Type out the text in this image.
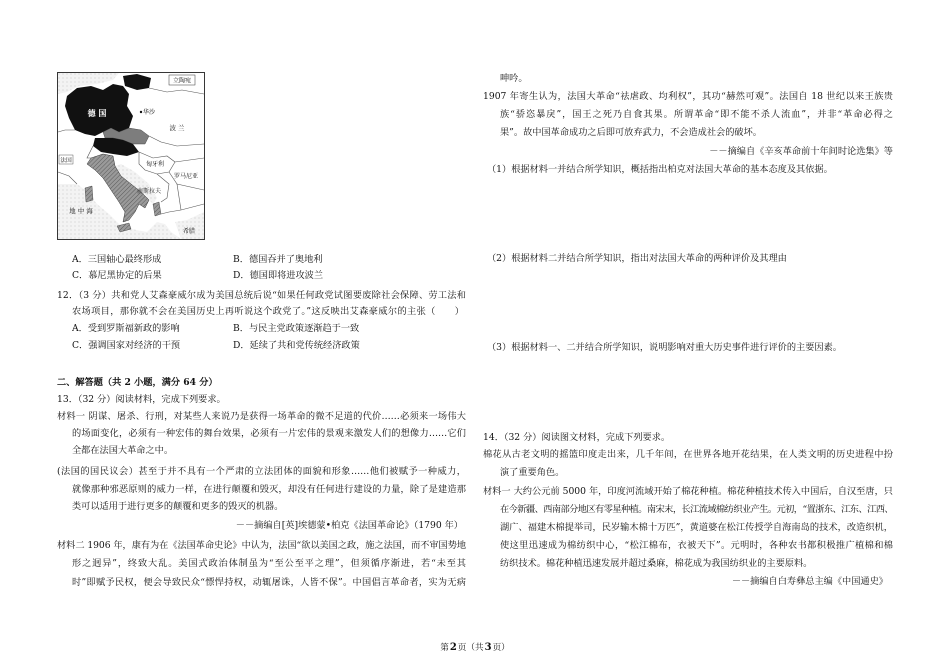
立陶宛
德 国	华沙
波 兰
法国	匈牙利
罗马尼亚
南斯拉夫
地 中 海
希腊
A．三国轴心最终形成	B．德国吞并了奥地利
C．慕尼黑协定的后果	D．德国即将进攻波兰
12．（3 分）共和党人艾森豪威尔成为美国总统后说“如果任何政党试图要废除社会保障、劳工法和
农场项目，那你就不会在美国历史上再听说这个政党了。”这反映出艾森豪威尔的主张（　　）
A．受到罗斯福新政的影响	B．与民主党政策逐渐趋于一致
C．强调国家对经济的干预	D．延续了共和党传统经济政策
二、解答题（共 2 小题，满分 64 分）
13．（32 分）阅读材料，完成下列要求。
材料一 阴谋、屠杀、行刑，对某些人来说乃是获得一场革命的微不足道的代价……必须来一场伟大
的场面变化，必须有一种宏伟的舞台效果，必须有一片宏伟的景观来激发人们的想像力……它们
全都在法国大革命之中。
(法国的国民议会）甚至于并不具有一个严肃的立法团体的面貌和形象……他们被赋予一种威力，
就像那种邪恶原则的威力一样，在进行颠覆和毁灭，却没有任何进行建设的力量，除了是建造那
类可以适用于进行更多的颠覆和更多的毁灭的机器。
－－摘编自[英]埃德蒙•柏克《法国革命论》（1790 年）
材料二 1906 年，康有为在《法国革命史论》中认为，法国“欲以美国之政，施之法国，而不审国势地
形之迥异”，终致大乱。美国式政治体制虽为“至公至平之理”，但须循序渐进，若“未至其
时”即赋予民权，便会导致民众“慓悍持权，动辄屠诛，人皆不保”。中国倡言革命者，实为无病
呻吟。
1907 年寄生认为，法国大革命“祛虐政、均利权”，其功“赫然可观”。法国自 18 世纪以来王族贵
族“骄恣暴戾”，国王之死乃自食其果。所谓革命“即不能不杀人流血”，并非“革命必得之
果”。故中国革命成功之后即可放弃武力，不会造成社会的破坏。
－－摘编自《辛亥革命前十年间时论选集》等
（1）根据材料一并结合所学知识，概括指出柏克对法国大革命的基本态度及其依据。
（2）根据材料二并结合所学知识，指出对法国大革命的两种评价及其理由
（3）根据材料一、二并结合所学知识，说明影响对重大历史事件进行评价的主要因素。
14．（32 分）阅读图文材料，完成下列要求。
棉花从古老文明的摇篮印度走出来，几千年间，在世界各地开花结果，在人类文明的历史进程中扮
演了重要角色。
材料一 大约公元前 5000 年，印度河流域开始了棉花种植。棉花种植技术传入中国后，自汉至唐，只
在今新疆、西南部分地区有零星种植。南宋末，长江流域棉纺织业产生。元初，“置浙东、江东、江西、
湖广、福建木棉提举司，民岁输木棉十万匹”，黄道婆在松江传授学自海南岛的技术，改造织机，
使这里迅速成为棉纺织中心，“松江棉布，衣被天下”。元明时，各种农书都积极推广植棉和棉
纺织技术。棉花种植迅速发展并超过桑麻，棉花成为我国纺织业的主要原料。
－－摘编自白寿彝总主编《中国通史》
第2页（共3页）
